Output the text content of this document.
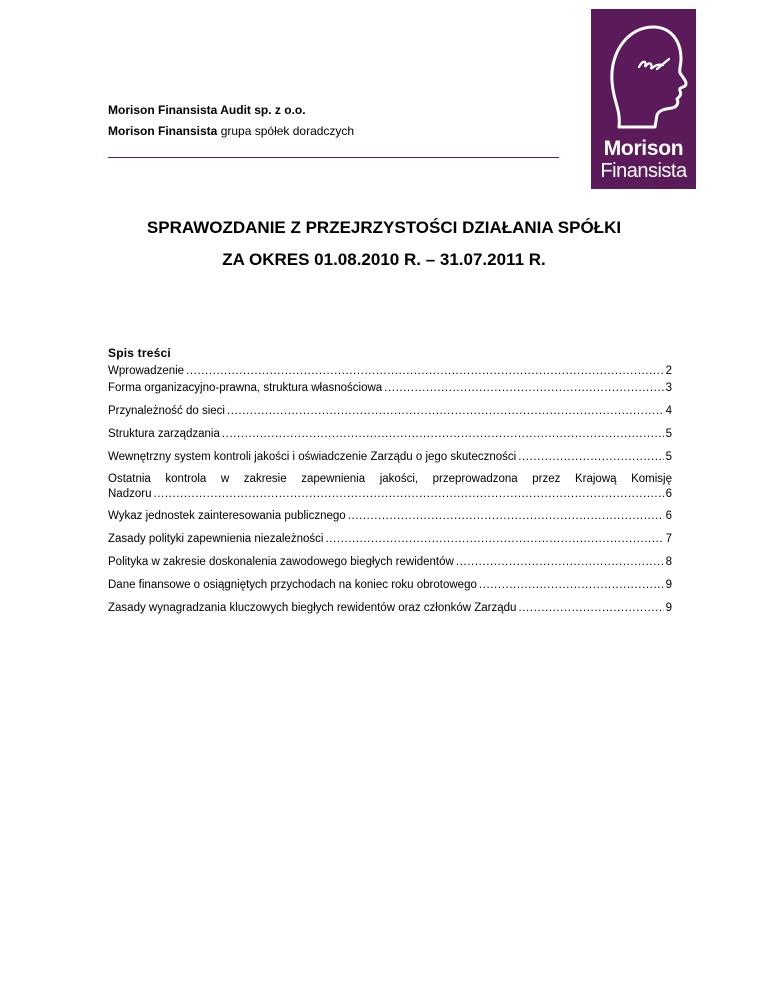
Morison Finansista Audit sp. z o.o.
Morison Finansista grupa spółek doradczych
Morison
Finansista
SPRAWOZDANIE Z PRZEJRZYSTOŚCI DZIAŁANIA SPÓŁKI
ZA OKRES 01.08.2010 R. – 31.07.2011 R.
Spis treści
Wprowadzenie .....	2
Forma organizacyjno-prawna, struktura własnościowa .....	3
Przynależność do sieci .....	4
Struktura zarządzania .....	5
Wewnętrzny system kontroli jakości i oświadczenie Zarządu o jego skuteczności .....	5
Ostatnia kontrola w zakresie zapewnienia jakości, przeprowadzona przez Krajową Komisję
Nadzoru .....	6
Wykaz jednostek zainteresowania publicznego .....	6
Zasady polityki zapewnienia niezależności .....	7
Polityka w zakresie doskonalenia zawodowego biegłych rewidentów .....	8
Dane finansowe o osiągniętych przychodach na koniec roku obrotowego .....	9
Zasady wynagradzania kluczowych biegłych rewidentów oraz członków Zarządu .....	9
